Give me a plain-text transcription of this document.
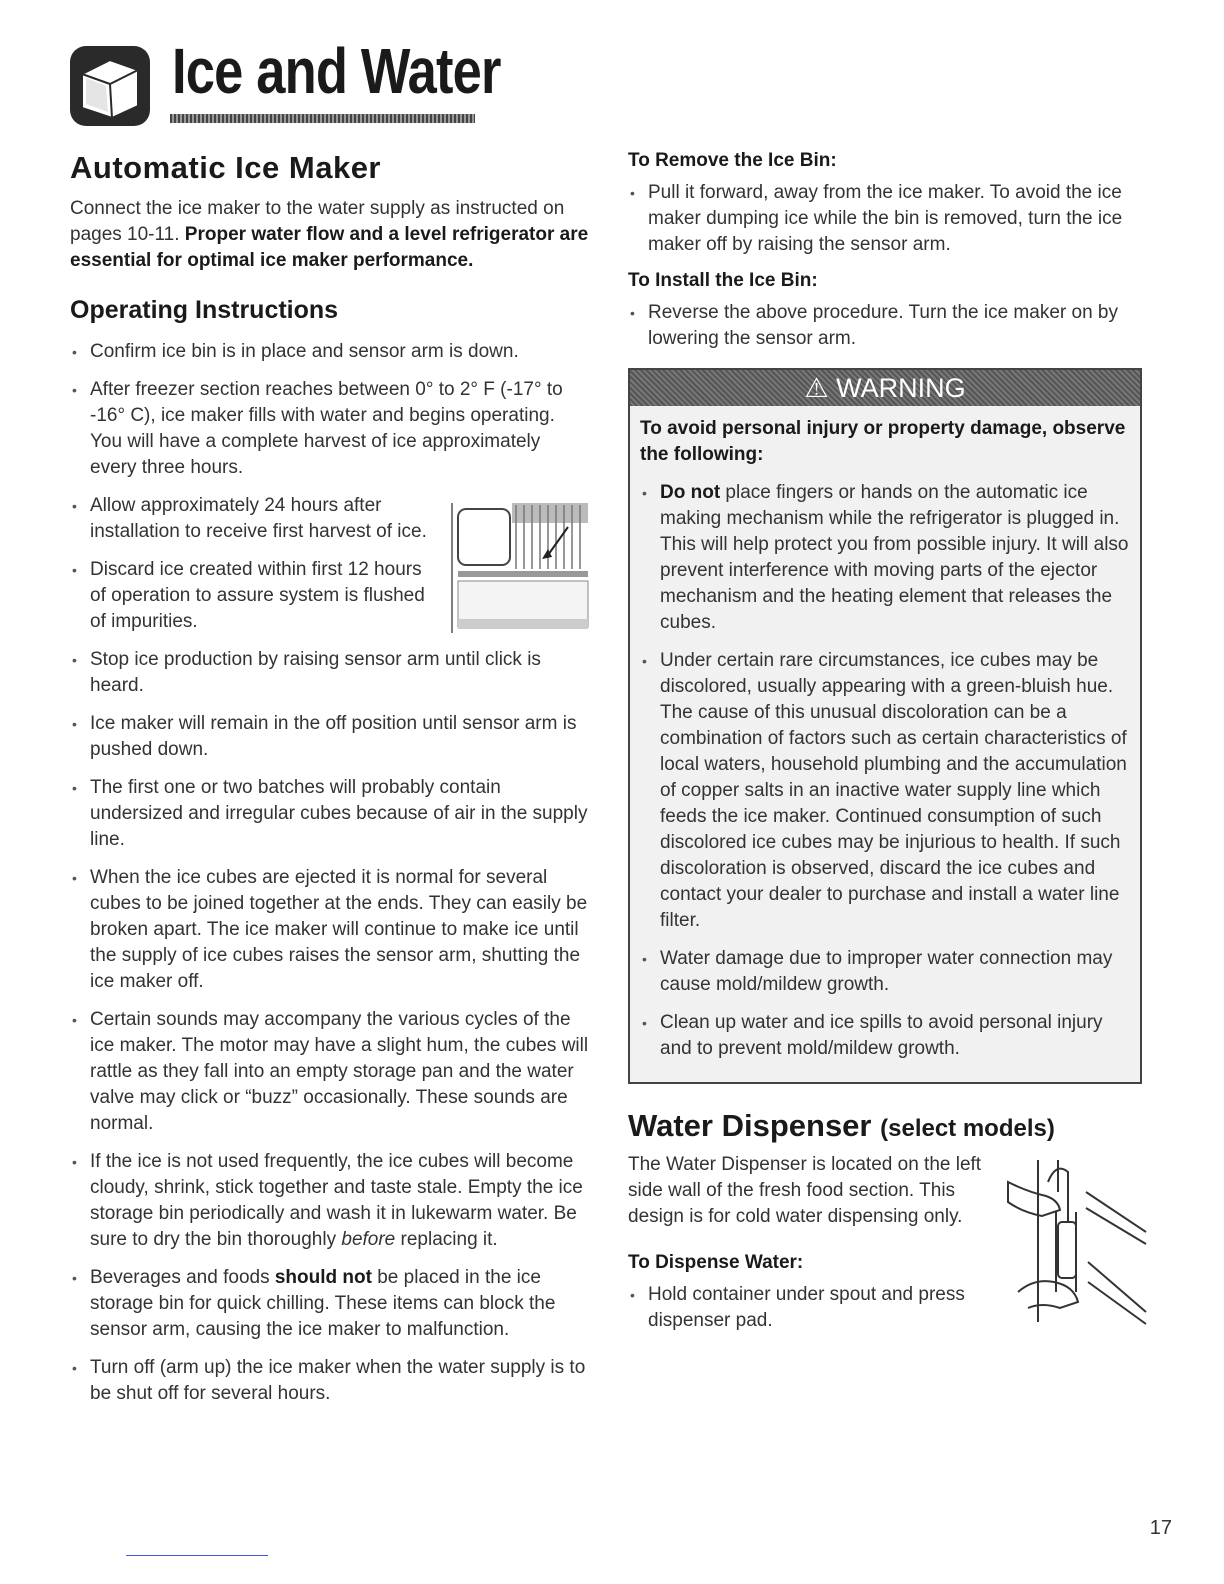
Ice and Water
Automatic Ice Maker

Connect the ice maker to the water supply as instructed on pages 10-11. Proper water flow and a level refrigerator are essential for optimal ice maker performance.

Operating Instructions
• Confirm ice bin is in place and sensor arm is down.
• After freezer section reaches between 0° to 2° F (-17° to -16° C), ice maker fills with water and begins operating. You will have a complete harvest of ice approximately every three hours.
• Allow approximately 24 hours after installation to receive first harvest of ice.
• Discard ice created within first 12 hours of operation to assure system is flushed of impurities.
• Stop ice production by raising sensor arm until click is heard.
• Ice maker will remain in the off position until sensor arm is pushed down.
• The first one or two batches will probably contain undersized and irregular cubes because of air in the supply line.
• When the ice cubes are ejected it is normal for several cubes to be joined together at the ends. They can easily be broken apart. The ice maker will continue to make ice until the supply of ice cubes raises the sensor arm, shutting the ice maker off.
• Certain sounds may accompany the various cycles of the ice maker. The motor may have a slight hum, the cubes will rattle as they fall into an empty storage pan and the water valve may click or “buzz” occasionally. These sounds are normal.
• If the ice is not used frequently, the ice cubes will become cloudy, shrink, stick together and taste stale. Empty the ice storage bin periodically and wash it in lukewarm water. Be sure to dry the bin thoroughly before replacing it.
• Beverages and foods should not be placed in the ice storage bin for quick chilling. These items can block the sensor arm, causing the ice maker to malfunction.
• Turn off (arm up) the ice maker when the water supply is to be shut off for several hours.
To Remove the Ice Bin:
• Pull it forward, away from the ice maker. To avoid the ice maker dumping ice while the bin is removed, turn the ice maker off by raising the sensor arm.
To Install the Ice Bin:
• Reverse the above procedure. Turn the ice maker on by lowering the sensor arm.
⚠ WARNING

To avoid personal injury or property damage, observe the following:

• Do not place fingers or hands on the automatic ice making mechanism while the refrigerator is plugged in. This will help protect you from possible injury. It will also prevent interference with moving parts of the ejector mechanism and the heating element that releases the cubes.
• Under certain rare circumstances, ice cubes may be discolored, usually appearing with a green-bluish hue. The cause of this unusual discoloration can be a combination of factors such as certain characteristics of local waters, household plumbing and the accumulation of copper salts in an inactive water supply line which feeds the ice maker. Continued consumption of such discolored ice cubes may be injurious to health. If such discoloration is observed, discard the ice cubes and contact your dealer to purchase and install a water line filter.
• Water damage due to improper water connection may cause mold/mildew growth.
• Clean up water and ice spills to avoid personal injury and to prevent mold/mildew growth.
Water Dispenser (select models)

The Water Dispenser is located on the left side wall of the fresh food section. This design is for cold water dispensing only.

To Dispense Water:
• Hold container under spout and press dispenser pad.
17
